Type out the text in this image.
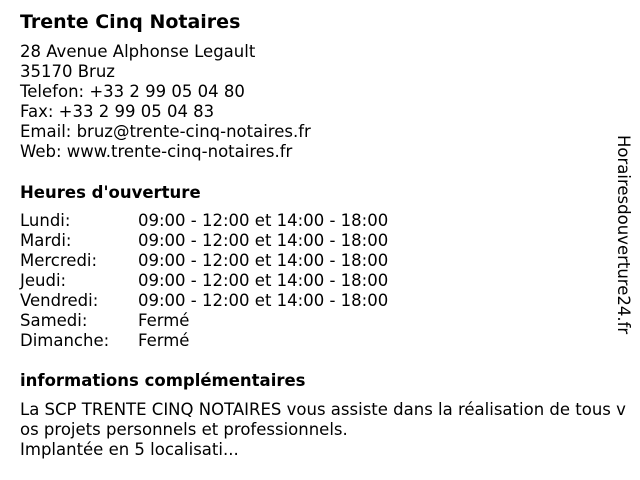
Trente Cinq Notaires
28 Avenue Alphonse Legault
35170 Bruz
Telefon: +33 2 99 05 04 80
Fax: +33 2 99 05 04 83
Email: bruz@trente-cinq-notaires.fr
Web: www.trente-cinq-notaires.fr
Heures d'ouverture
Lundi:	09:00 - 12:00 et 14:00 - 18:00
Mardi:	09:00 - 12:00 et 14:00 - 18:00
Mercredi:	09:00 - 12:00 et 14:00 - 18:00
Jeudi:	09:00 - 12:00 et 14:00 - 18:00
Vendredi:	09:00 - 12:00 et 14:00 - 18:00
Samedi:	Fermé
Dimanche:	Fermé
informations complémentaires
La SCP TRENTE CINQ NOTAIRES vous assiste dans la réalisation de tous vos projets personnels et professionnels.
Implantée en 5 localisati...
Horairesdouverture24.fr
